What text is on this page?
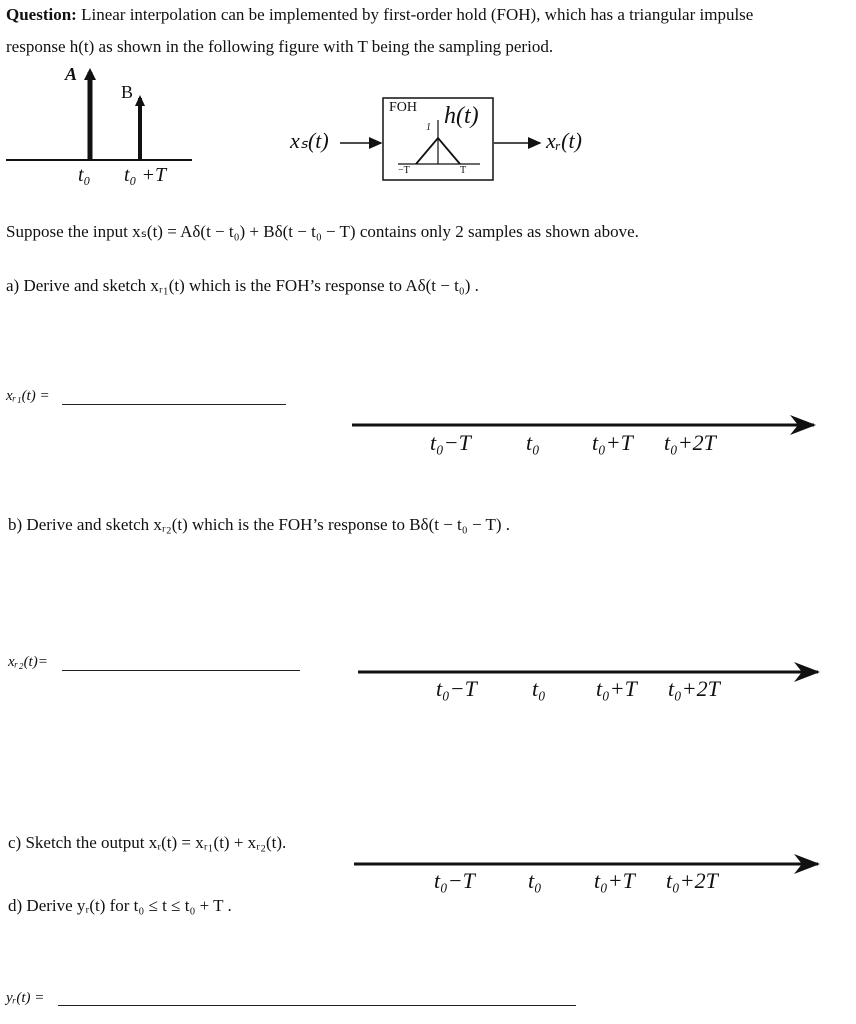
Question: Linear interpolation can be implemented by first-order hold (FOH), which has a triangular impulse
response h(t) as shown in the following figure with T being the sampling period.
A
B
t₀ t₀ +T
xₛ(t)
FOH h(t)
1
−T	T
xᵣ(t)
Suppose the input xₛ(t) = Aδ(t − t₀) + Bδ(t − t₀ − T) contains only 2 samples as shown above.
a) Derive and sketch xᵣ₁(t) which is the FOH’s response to Aδ(t − t₀) .
xᵣ₁(t) =
t₀−T	t₀ t₀+T t₀+2T
b) Derive and sketch xᵣ₂(t) which is the FOH’s response to Bδ(t − t₀ − T) .
xᵣ₂(t)=
t₀−T	t₀ t₀+T t₀+2T
c) Sketch the output xᵣ(t) = xᵣ₁(t) + xᵣ₂(t).
t₀−T t₀ t₀+T t₀+2T
d) Derive yᵣ(t) for t₀ ≤ t ≤ t₀ + T .
yᵣ(t) =
